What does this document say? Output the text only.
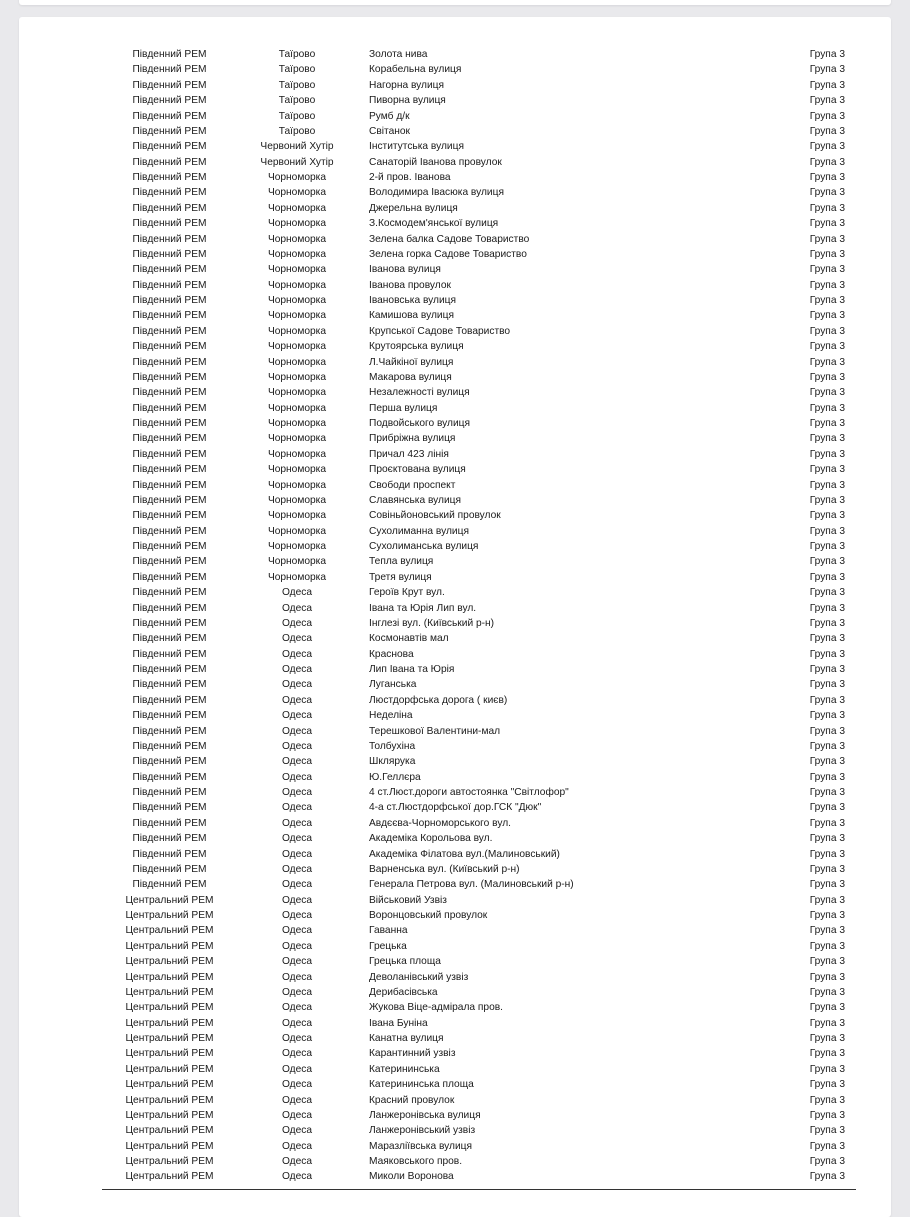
Південний РЕМ	Таїрово	Золота нива	Група 3
Південний РЕМ	Таїрово	Корабельна вулиця	Група 3
Південний РЕМ	Таїрово	Нагорна вулиця	Група 3
Південний РЕМ	Таїрово	Пиворна вулиця	Група 3
Південний РЕМ	Таїрово	Румб д/к	Група 3
Південний РЕМ	Таїрово	Світанок	Група 3
Південний РЕМ	Червоний Хутір	Інститутська вулиця	Група 3
Південний РЕМ	Червоний Хутір	Санаторій Іванова провулок	Група 3
Південний РЕМ	Чорноморка	2-й пров. Іванова	Група 3
Південний РЕМ	Чорноморка	Володимира Івасюка вулиця	Група 3
Південний РЕМ	Чорноморка	Джерельна вулиця	Група 3
Південний РЕМ	Чорноморка	З.Космодем'янської вулиця	Група 3
Південний РЕМ	Чорноморка	Зелена балка Садове Товариство	Група 3
Південний РЕМ	Чорноморка	Зелена горка Садове Товариство	Група 3
Південний РЕМ	Чорноморка	Іванова вулиця	Група 3
Південний РЕМ	Чорноморка	Іванова провулок	Група 3
Південний РЕМ	Чорноморка	Івановська вулиця	Група 3
Південний РЕМ	Чорноморка	Камишова вулиця	Група 3
Південний РЕМ	Чорноморка	Крупської Садове Товариство	Група 3
Південний РЕМ	Чорноморка	Крутоярська вулиця	Група 3
Південний РЕМ	Чорноморка	Л.Чайкіної вулиця	Група 3
Південний РЕМ	Чорноморка	Макарова вулиця	Група 3
Південний РЕМ	Чорноморка	Незалежності вулиця	Група 3
Південний РЕМ	Чорноморка	Перша вулиця	Група 3
Південний РЕМ	Чорноморка	Подвойського вулиця	Група 3
Південний РЕМ	Чорноморка	Прибріжна вулиця	Група 3
Південний РЕМ	Чорноморка	Причал 423 лінія	Група 3
Південний РЕМ	Чорноморка	Проєктована вулиця	Група 3
Південний РЕМ	Чорноморка	Свободи проспект	Група 3
Південний РЕМ	Чорноморка	Славянська вулиця	Група 3
Південний РЕМ	Чорноморка	Совіньйоновський провулок	Група 3
Південний РЕМ	Чорноморка	Сухолиманна вулиця	Група 3
Південний РЕМ	Чорноморка	Сухолиманська вулиця	Група 3
Південний РЕМ	Чорноморка	Тепла вулиця	Група 3
Південний РЕМ	Чорноморка	Третя вулиця	Група 3
Південний РЕМ	Одеса	Героїв Крут вул.	Група 3
Південний РЕМ	Одеса	Івана та Юрія Лип вул.	Група 3
Південний РЕМ	Одеса	Інглезі вул. (Київський р-н)	Група 3
Південний РЕМ	Одеса	Космонавтів мал	Група 3
Південний РЕМ	Одеса	Краснова	Група 3
Південний РЕМ	Одеса	Лип Івана та Юрія	Група 3
Південний РЕМ	Одеса	Луганська	Група 3
Південний РЕМ	Одеса	Люстдорфська дорога ( києв)	Група 3
Південний РЕМ	Одеса	Неделіна	Група 3
Південний РЕМ	Одеса	Терешкової Валентини-мал	Група 3
Південний РЕМ	Одеса	Толбухіна	Група 3
Південний РЕМ	Одеса	Шклярука	Група 3
Південний РЕМ	Одеса	Ю.Геллєра	Група 3
Південний РЕМ	Одеса	4 ст.Люст.дороги автостоянка "Світлофор"	Група 3
Південний РЕМ	Одеса	4-а ст.Люстдорфської дор.ГСК "Дюк"	Група 3
Південний РЕМ	Одеса	Авдєєва-Чорноморського вул.	Група 3
Південний РЕМ	Одеса	Академіка Корольова вул.	Група 3
Південний РЕМ	Одеса	Академіка Філатова вул.(Малиновський)	Група 3
Південний РЕМ	Одеса	Варненська вул. (Київський р-н)	Група 3
Південний РЕМ	Одеса	Генерала Петрова вул. (Малиновський р-н)	Група 3
Центральний РЕМ	Одеса	Військовий Узвіз	Група 3
Центральний РЕМ	Одеса	Воронцовський провулок	Група 3
Центральний РЕМ	Одеса	Гаванна	Група 3
Центральний РЕМ	Одеса	Грецька	Група 3
Центральний РЕМ	Одеса	Грецька площа	Група 3
Центральний РЕМ	Одеса	Деволанівський узвіз	Група 3
Центральний РЕМ	Одеса	Дерибасівська	Група 3
Центральний РЕМ	Одеса	Жукова Віце-адмірала пров.	Група 3
Центральний РЕМ	Одеса	Івана Буніна	Група 3
Центральний РЕМ	Одеса	Канатна вулиця	Група 3
Центральний РЕМ	Одеса	Карантинний узвіз	Група 3
Центральний РЕМ	Одеса	Катерининська	Група 3
Центральний РЕМ	Одеса	Катерининська площа	Група 3
Центральний РЕМ	Одеса	Красний провулок	Група 3
Центральний РЕМ	Одеса	Ланжеронівська вулиця	Група 3
Центральний РЕМ	Одеса	Ланжеронівський узвіз	Група 3
Центральний РЕМ	Одеса	Маразліївська вулиця	Група 3
Центральний РЕМ	Одеса	Маяковського пров.	Група 3
Центральний РЕМ	Одеса	Миколи Воронова	Група 3
